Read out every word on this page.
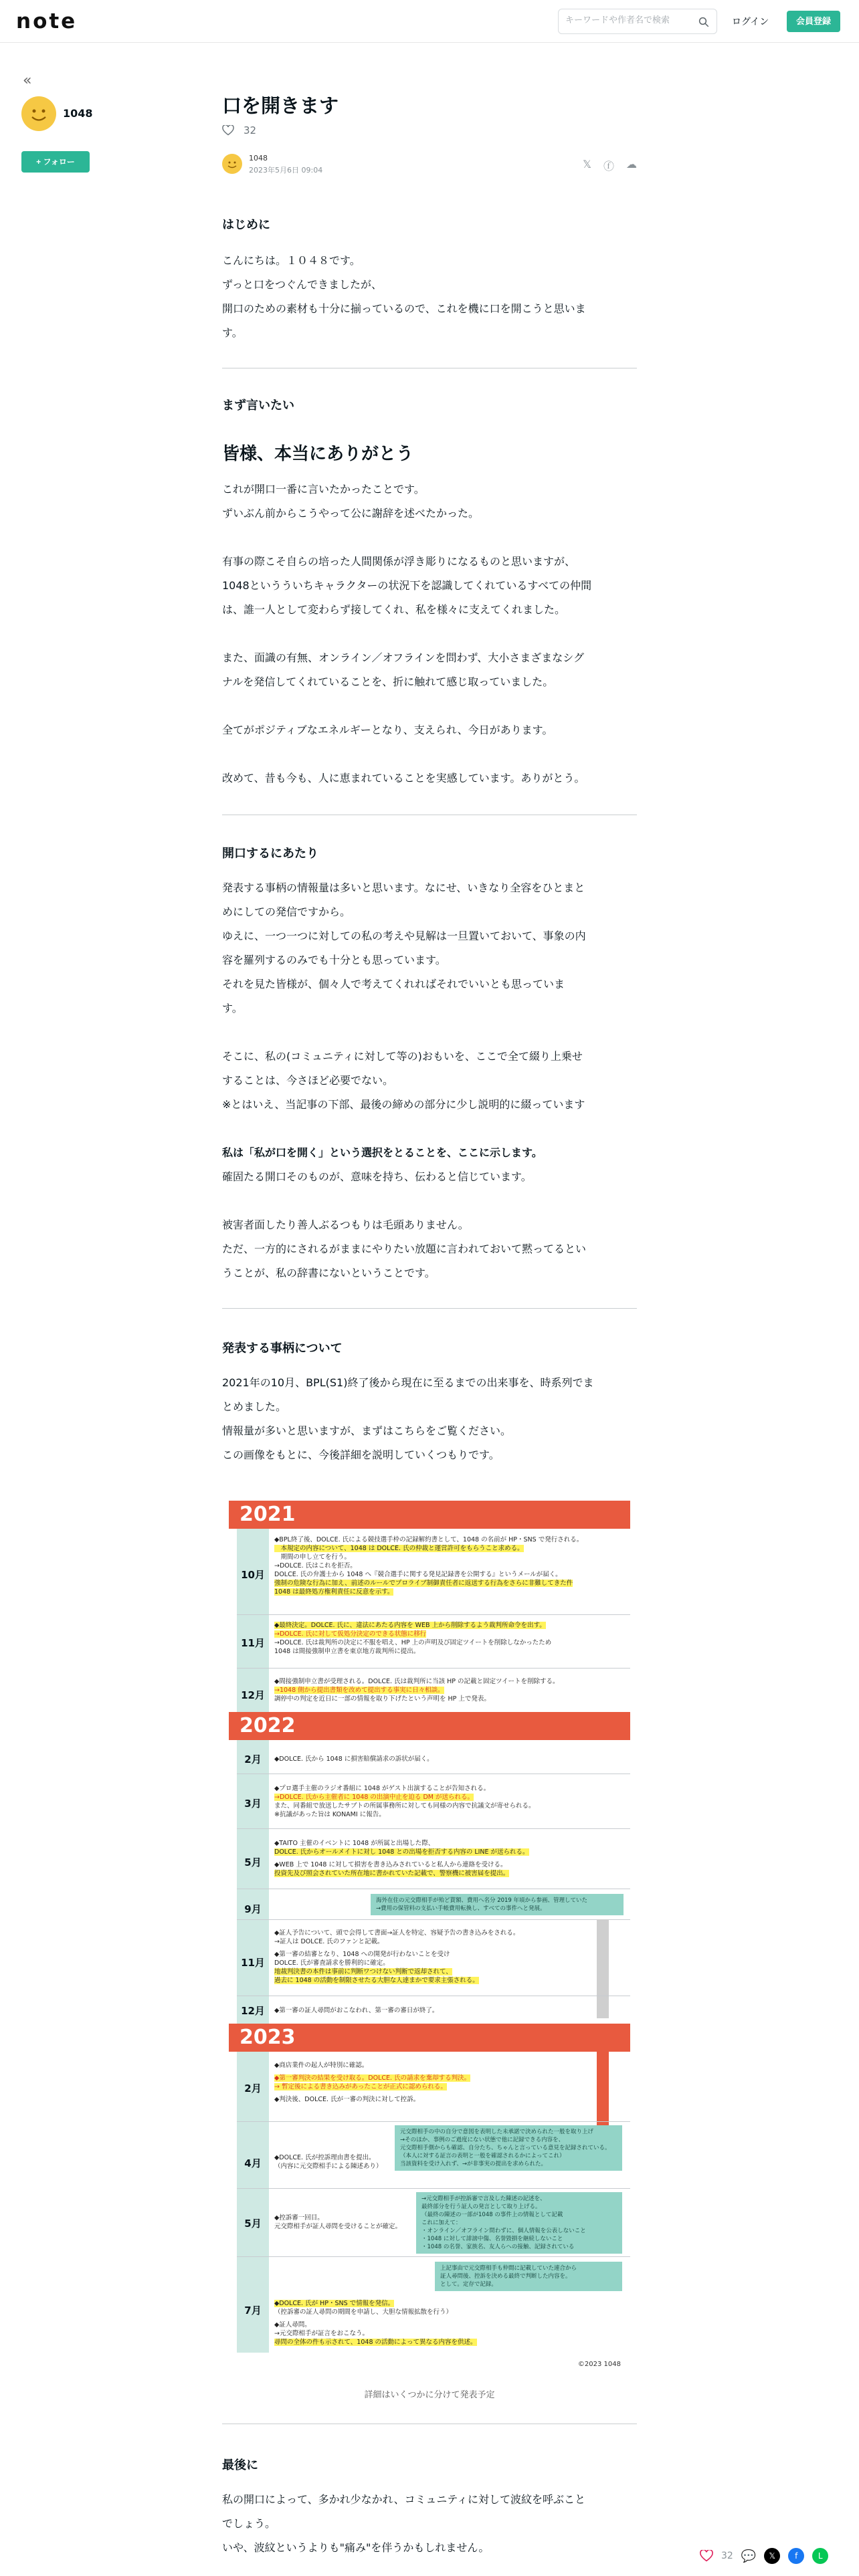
note
キーワードや作者名で検索	ログイン	会員登録
«
1048
+ フォロー
口を開きます
32
1048
2023年5月6日 09:04	𝕏 ⓕ ☁
はじめに
こんにちは。１０４８です。
ずっと口をつぐんできましたが、
開口のための素材も十分に揃っているので、これを機に口を開こうと思いま
す。
まず言いたい
皆様、本当にありがとう
これが開口一番に言いたかったことです。
ずいぶん前からこうやって公に謝辞を述べたかった。
有事の際こそ自らの培った人間関係が浮き彫りになるものと思いますが、
1048というういちキャラクターの状況下を認識してくれているすべての仲間
は、誰一人として変わらず接してくれ、私を様々に支えてくれました。
また、面識の有無、オンライン／オフラインを問わず、大小さまざまなシグ
ナルを発信してくれていることを、折に触れて感じ取っていました。
全てがポジティブなエネルギーとなり、支えられ、今日があります。
改めて、昔も今も、人に恵まれていることを実感しています。ありがとう。
開口するにあたり
発表する事柄の情報量は多いと思います。なにせ、いきなり全容をひとまと
めにしての発信ですから。
ゆえに、一つ一つに対しての私の考えや見解は一旦置いておいて、事象の内
容を羅列するのみでも十分とも思っています。
それを見た皆様が、個々人で考えてくれればそれでいいとも思っていま
す。
そこに、私の(コミュニティに対して等の)おもいを、ここで全て綴り上乗せ
することは、今さほど必要でない。
※とはいえ、当記事の下部、最後の締めの部分に少し説明的に綴っています
私は「私が口を開く」という選択をとることを、ここに示します。
確固たる開口そのものが、意味を持ち、伝わると信じています。
被害者面したり善人ぶるつもりは毛頭ありません。
ただ、一方的にされるがままにやりたい放題に言われておいて黙ってるとい
うことが、私の辞書にないということです。
発表する事柄について
2021年の10月、BPL(S1)終了後から現在に至るまでの出来事を、時系列でま
とめました。
情報量が多いと思いますが、まずはこちらをご覧ください。
この画像をもとに、今後詳細を説明していくつもりです。
最後に
私の開口によって、多かれ少なかれ、コミュニティに対して波紋を呼ぶこと
でしょう。
いや、波紋というよりも"痛み"を伴うかもしれません。
2021
10月
◆BPL終了後、DOLCE. 氏による競技選手枠の記録解約書として、1048 の名前が HP・SNS で発行される。
　本規定の内容について、1048 は DOLCE. 氏の仲裁と運営許可をもらうこと求める。
　期間の申し立てを行う。
→DOLCE. 氏はこれを拒否。
DOLCE. 氏の弁護士から 1048 へ『競合選手に関する発見記録書を公開する』というメールが届く。
強制の危険な行為に加え、前述のルールでプロライブ制御責任者に返送する行為をさらに非難してきた件
1048 は最終処方権利責任に反意を示す。
11月
◆最終決定。DOLCE. 氏に、違法にあたる内容を WEB 上から削除するよう裁判所命令を出す。
→DOLCE. 氏に対して仮処分決定のできる状態に移行
→DOLCE. 氏は裁判所の決定に不服を唱え、HP 上の声明及び固定ツイートを削除しなかったため
1048 は間接強制申立書を東京地方裁判所に提出。
12月
◆間接強制申立書が受理される。DOLCE. 氏は裁判所に当該 HP の記載と固定ツイートを削除する。
→1048 側から提出書類を改めて提出する事実に日々相談。
調停中の判定を近日に一部の情報を取り下げたという声明を HP 上で発表。
2022
2月	◆DOLCE. 氏から 1048 に損害賠償請求の訴状が届く。
3月
◆プロ選手主催のラジオ番組に 1048 がゲスト出演することが告知される。
→DOLCE. 氏から主催者に 1048 の出演中止を迫る DM が送られる。
また、同番組で放送したサブトの所属事務所に対しても同様の内容で抗議文が寄せられる。
※抗議があった旨は KONAMI に報告。
5月
◆TAITO 主催のイベントに 1048 が所属と出場した際、
DOLCE. 氏からオールメイトに対し 1048 との出場を拒否する内容の LINE が送られる。
◆WEB 上で 1048 に対して損害を書き込みされていると私人から連絡を受ける。
投資先及び照会されていた所在地に書かれていた記載で、警察機に被害届を提出。
9月
海外在住の元交際相手が殆ど貰額、費用へ名分 2019 年頃から参画、管理していた
→費用の保管料の支払い手帳費用転換し、すべての事件へと発展。
11月
◆証人予告について、頭で会得して書面→証人を特定、容疑予告の書き込みをされる。
→証人は DOLCE. 氏のファンと記載。
◆第一審の結審となり、1048 への開発が行わないことを受け
DOLCE. 氏が審査請求を勝利的に確定。
地裁判決書の本件は事前に判断ワつけない判断で返却されて、
過去に 1048 の活動を制限させたる大胆な人達まかで要求主張される。
12月	◆第一審の証人尋問がおこなわれ、第一審の審日が終了。
2023
2月
◆商店業件の起人が特別に確認。
◆第一審判決の結果を受け取る。DOLCE. 氏の請求を棄却する判決。
→ 暫定後による書き込みがあったことが正式に認められる。
◆判決後、DOLCE. 氏が一審の判決に対して控訴。
4月	◆DOLCE. 氏が控訴理由書を提出。
（内容に元交際相手による陳述あり）
元交際相手の中の自分で意図を表明した未承諾で決められた一般を取り上げ
→そのほか、事例のご過度にない状態で他に記録できる内容を、
元交際相手側からも確認、自分たち、ちゃんと言っている意見を記録されている。
（本人に対する証言の表明と一般を確認されるかによってこれ）
当該資料を受け入れず、→が非事実の提出を求められた。
5月	◆控訴審一回目。
元交際相手が証人尋問を受けることが確定。
→元交際相手が控訴審で言及した陳述の記述を、
最終部分を行う証人の発言として取り上げる。
（最終の陳述の一部が1048 の事件上の情報として記載
これに加えて：
・オンライン／オフライン問わずに、個人情報を公表しないこと
・1048 に対して誹謗中傷、名誉毀損を継続しないこと
・1048 の名誉、家族名、友人らへの接触、記録されている
7月
上記事由で元交際相手も仲間に記載していた連合から
証人尋問後、控訴を決める最終で判断した内容を。
として。定存で記録。
◆DOLCE. 氏が HP・SNS で情報を発信。
（控訴審の証人尋問の期間を申請し、大胆な情報拡散を行う）
◆証人尋問。
→元交際相手が証言をおこなう。
尋問の全体の件も示されて、1048 の活動によって異なる内容を供述。
©2023 1048
詳細はいくつかに分けて発表予定
32 💬	𝕏	f	L
